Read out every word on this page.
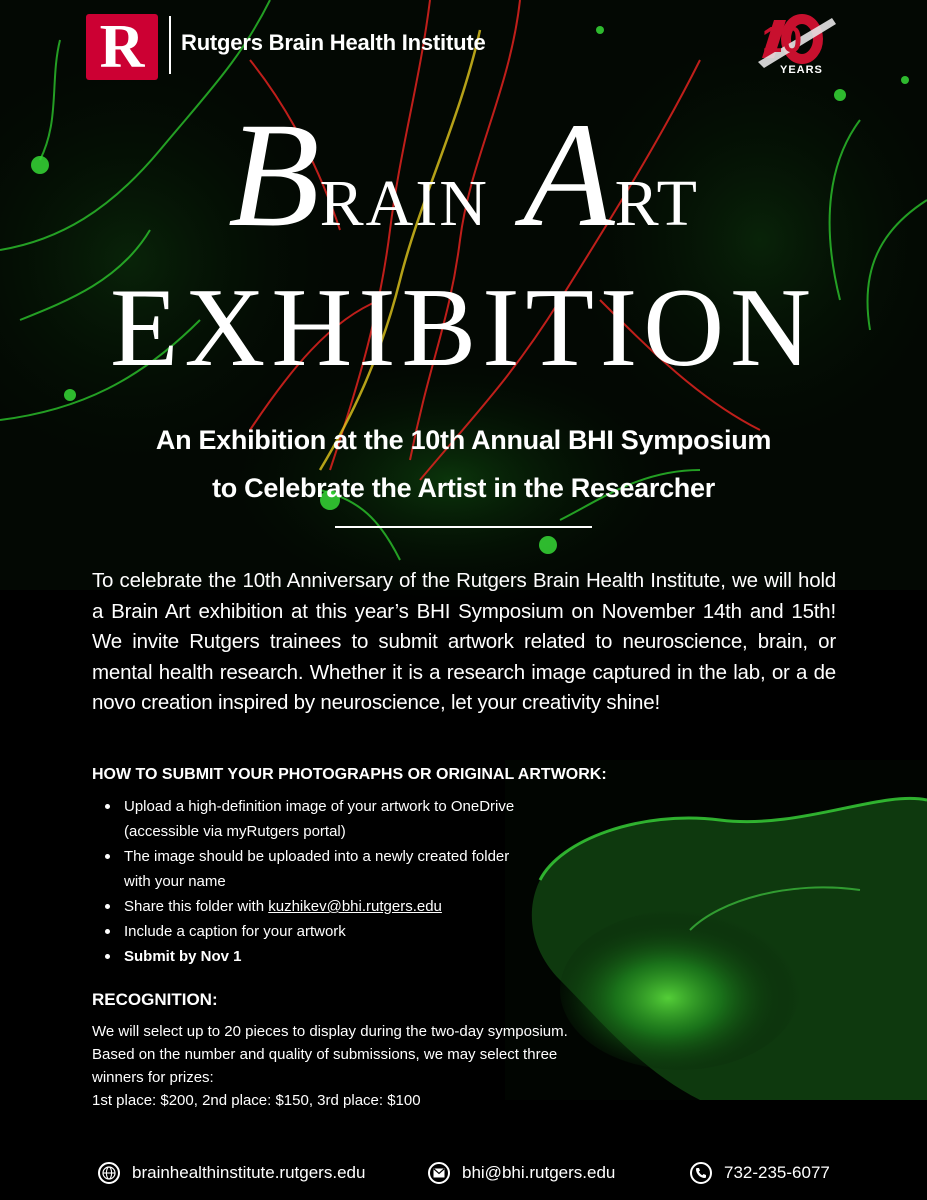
R	Rutgers Brain Health Institute	10
YEARS
BRAIN ART
EXHIBITION
An Exhibition at the 10th Annual BHI Symposium
to Celebrate the Artist in the Researcher
To celebrate the 10th Anniversary of the Rutgers Brain Health Institute, we will hold a Brain Art exhibition at this year’s BHI Symposium on November 14th and 15th! We invite Rutgers trainees to submit artwork related to neuroscience, brain, or mental health research. Whether it is a research image captured in the lab, or a de novo creation inspired by neuroscience, let your creativity shine!
HOW TO SUBMIT YOUR PHOTOGRAPHS OR ORIGINAL ARTWORK:
Upload a high-definition image of your artwork to OneDrive (accessible via myRutgers portal)
The image should be uploaded into a newly created folder with your name
Share this folder with kuzhikev@bhi.rutgers.edu
Include a caption for your artwork
Submit by Nov 1
RECOGNITION:
We will select up to 20 pieces to display during the two-day symposium. Based on the number and quality of submissions, we may select three winners for prizes:
1st place: $200, 2nd place: $150, 3rd place: $100
brainhealthinstitute.rutgers.edu	bhi@bhi.rutgers.edu	732-235-6077
